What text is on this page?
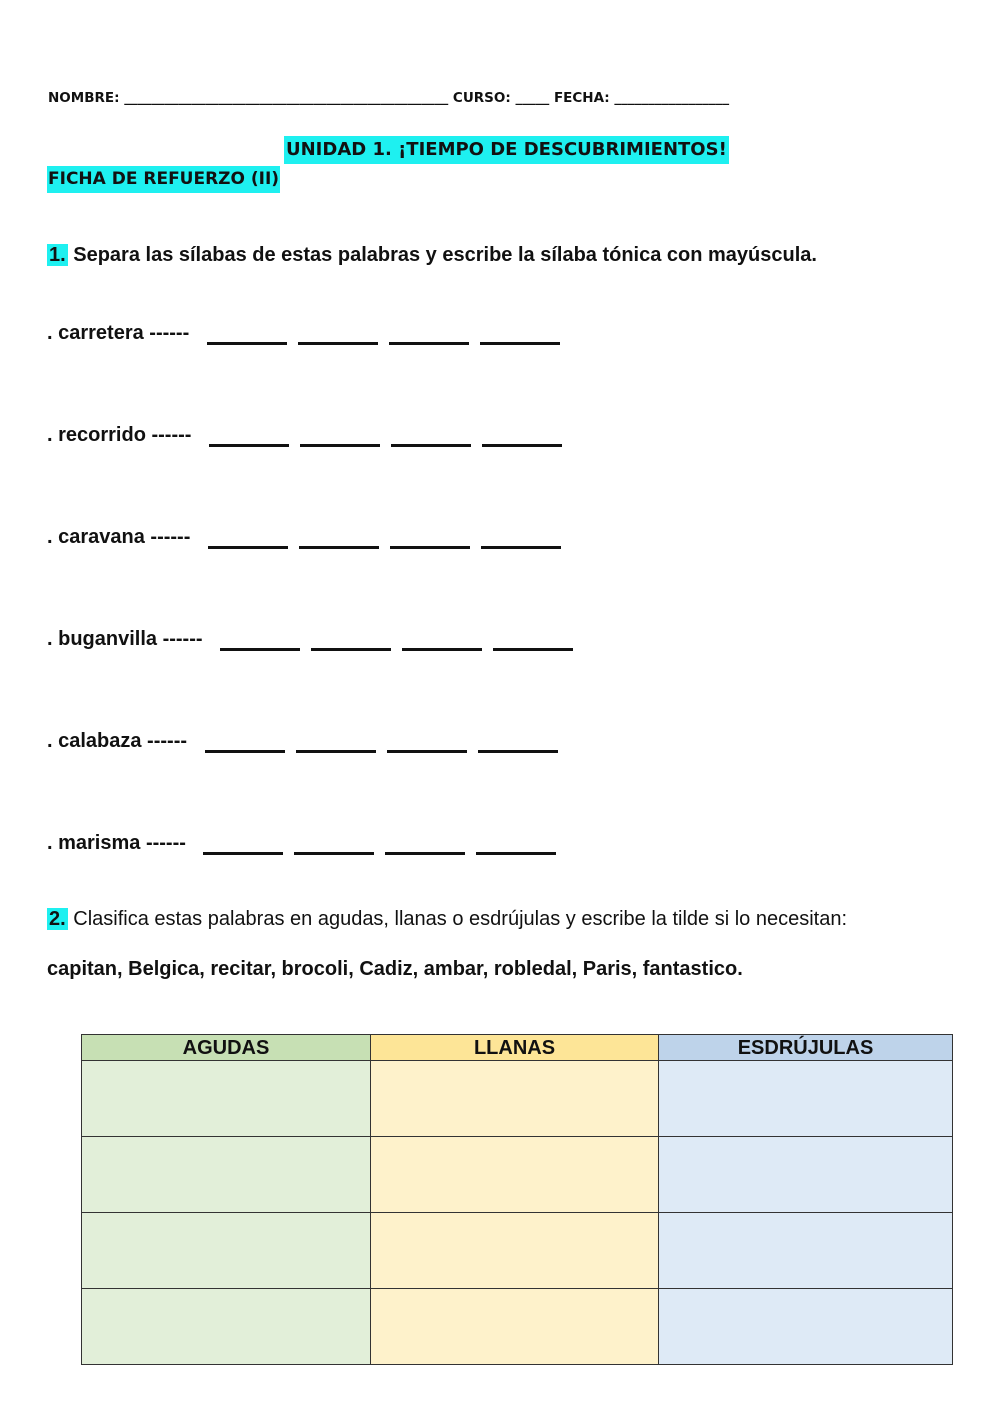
NOMBRE: ________________________________________________ CURSO: _____ FECHA: _________________
UNIDAD 1. ¡TIEMPO DE DESCUBRIMIENTOS!
FICHA DE REFUERZO (II)
1. Separa las sílabas de estas palabras y escribe la sílaba tónica con mayúscula.
. carretera ------
. recorrido ------
. caravana ------
. buganvilla ------
. calabaza ------
. marisma ------
2. Clasifica estas palabras en agudas, llanas o esdrújulas y escribe la tilde si lo necesitan:
capitan, Belgica, recitar, brocoli, Cadiz, ambar, robledal, Paris, fantastico.
AGUDAS	LLANAS	ESDRÚJULAS
